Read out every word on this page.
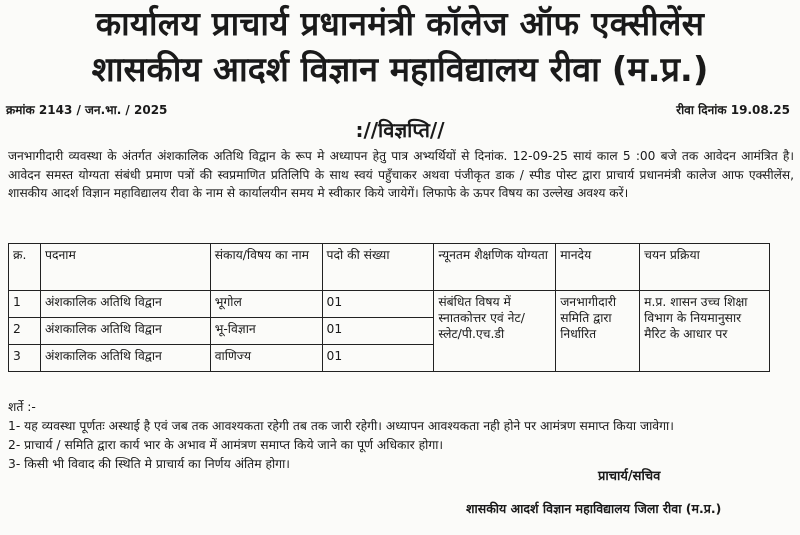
कार्यालय प्राचार्य प्रधानमंत्री कॉलेज ऑफ एक्सीलेंस
शासकीय आदर्श विज्ञान महाविद्यालय रीवा (म.प्र.)
क्रमांक 2143 / जन.भा. / 2025	रीवा दिनांक 19.08.25
://विज्ञप्ति//
जनभागीदारी व्यवस्था के अंतर्गत अंशकालिक अतिथि विद्वान के रूप मे अध्यापन हेतु पात्र अभ्यर्थियों से दिनांक. 12-09-25 सायं काल 5 :00 बजे तक आवेदन आमंत्रित है। आवेदन समस्त योग्यता संबंधी प्रमाण पत्रों की स्वप्रमाणित प्रतिलिपि के साथ स्वयं पहुँचाकर अथवा पंजीकृत डाक / स्पीड पोस्ट द्वारा प्राचार्य प्रधानमंत्री कालेज आफ एक्सीलेंस, शासकीय आदर्श विज्ञान महाविद्यालय रीवा के नाम से कार्यालयीन समय मे स्वीकार किये जायेगें। लिफाफे के ऊपर विषय का उल्लेख अवश्य करें।
क्र.	पदनाम	संकाय/विषय का नाम	पदो की संख्या	न्यूनतम शैक्षणिक योग्यता	मानदेय	चयन प्रक्रिया
1	अंशकालिक अतिथि विद्वान	भूगोल	01	संबंधित विषय में स्नातकोत्तर एवं नेट/ स्लेट/पी.एच.डी	जनभागीदारी समिति द्वारा निर्धारित	म.प्र. शासन उच्च शिक्षा विभाग के नियमानुसार मैरिट के आधार पर
2	अंशकालिक अतिथि विद्वान	भू-विज्ञान	01			
3	अंशकालिक अतिथि विद्वान	वाणिज्य	01			
शर्ते :-
1- यह व्यवस्था पूर्णतः अस्थाई है एवं जब तक आवश्यकता रहेगी तब तक जारी रहेगी। अध्यापन आवश्यकता नही होने पर आमंत्रण समाप्त किया जावेगा।
2- प्राचार्य / समिति द्वारा कार्य भार के अभाव में आमंत्रण समाप्त किये जाने का पूर्ण अधिकार होगा।
3- किसी भी विवाद की स्थिति मे प्राचार्य का निर्णय अंतिम होगा।
प्राचार्य/सचिव
शासकीय आदर्श विज्ञान महाविद्यालय जिला रीवा (म.प्र.)
